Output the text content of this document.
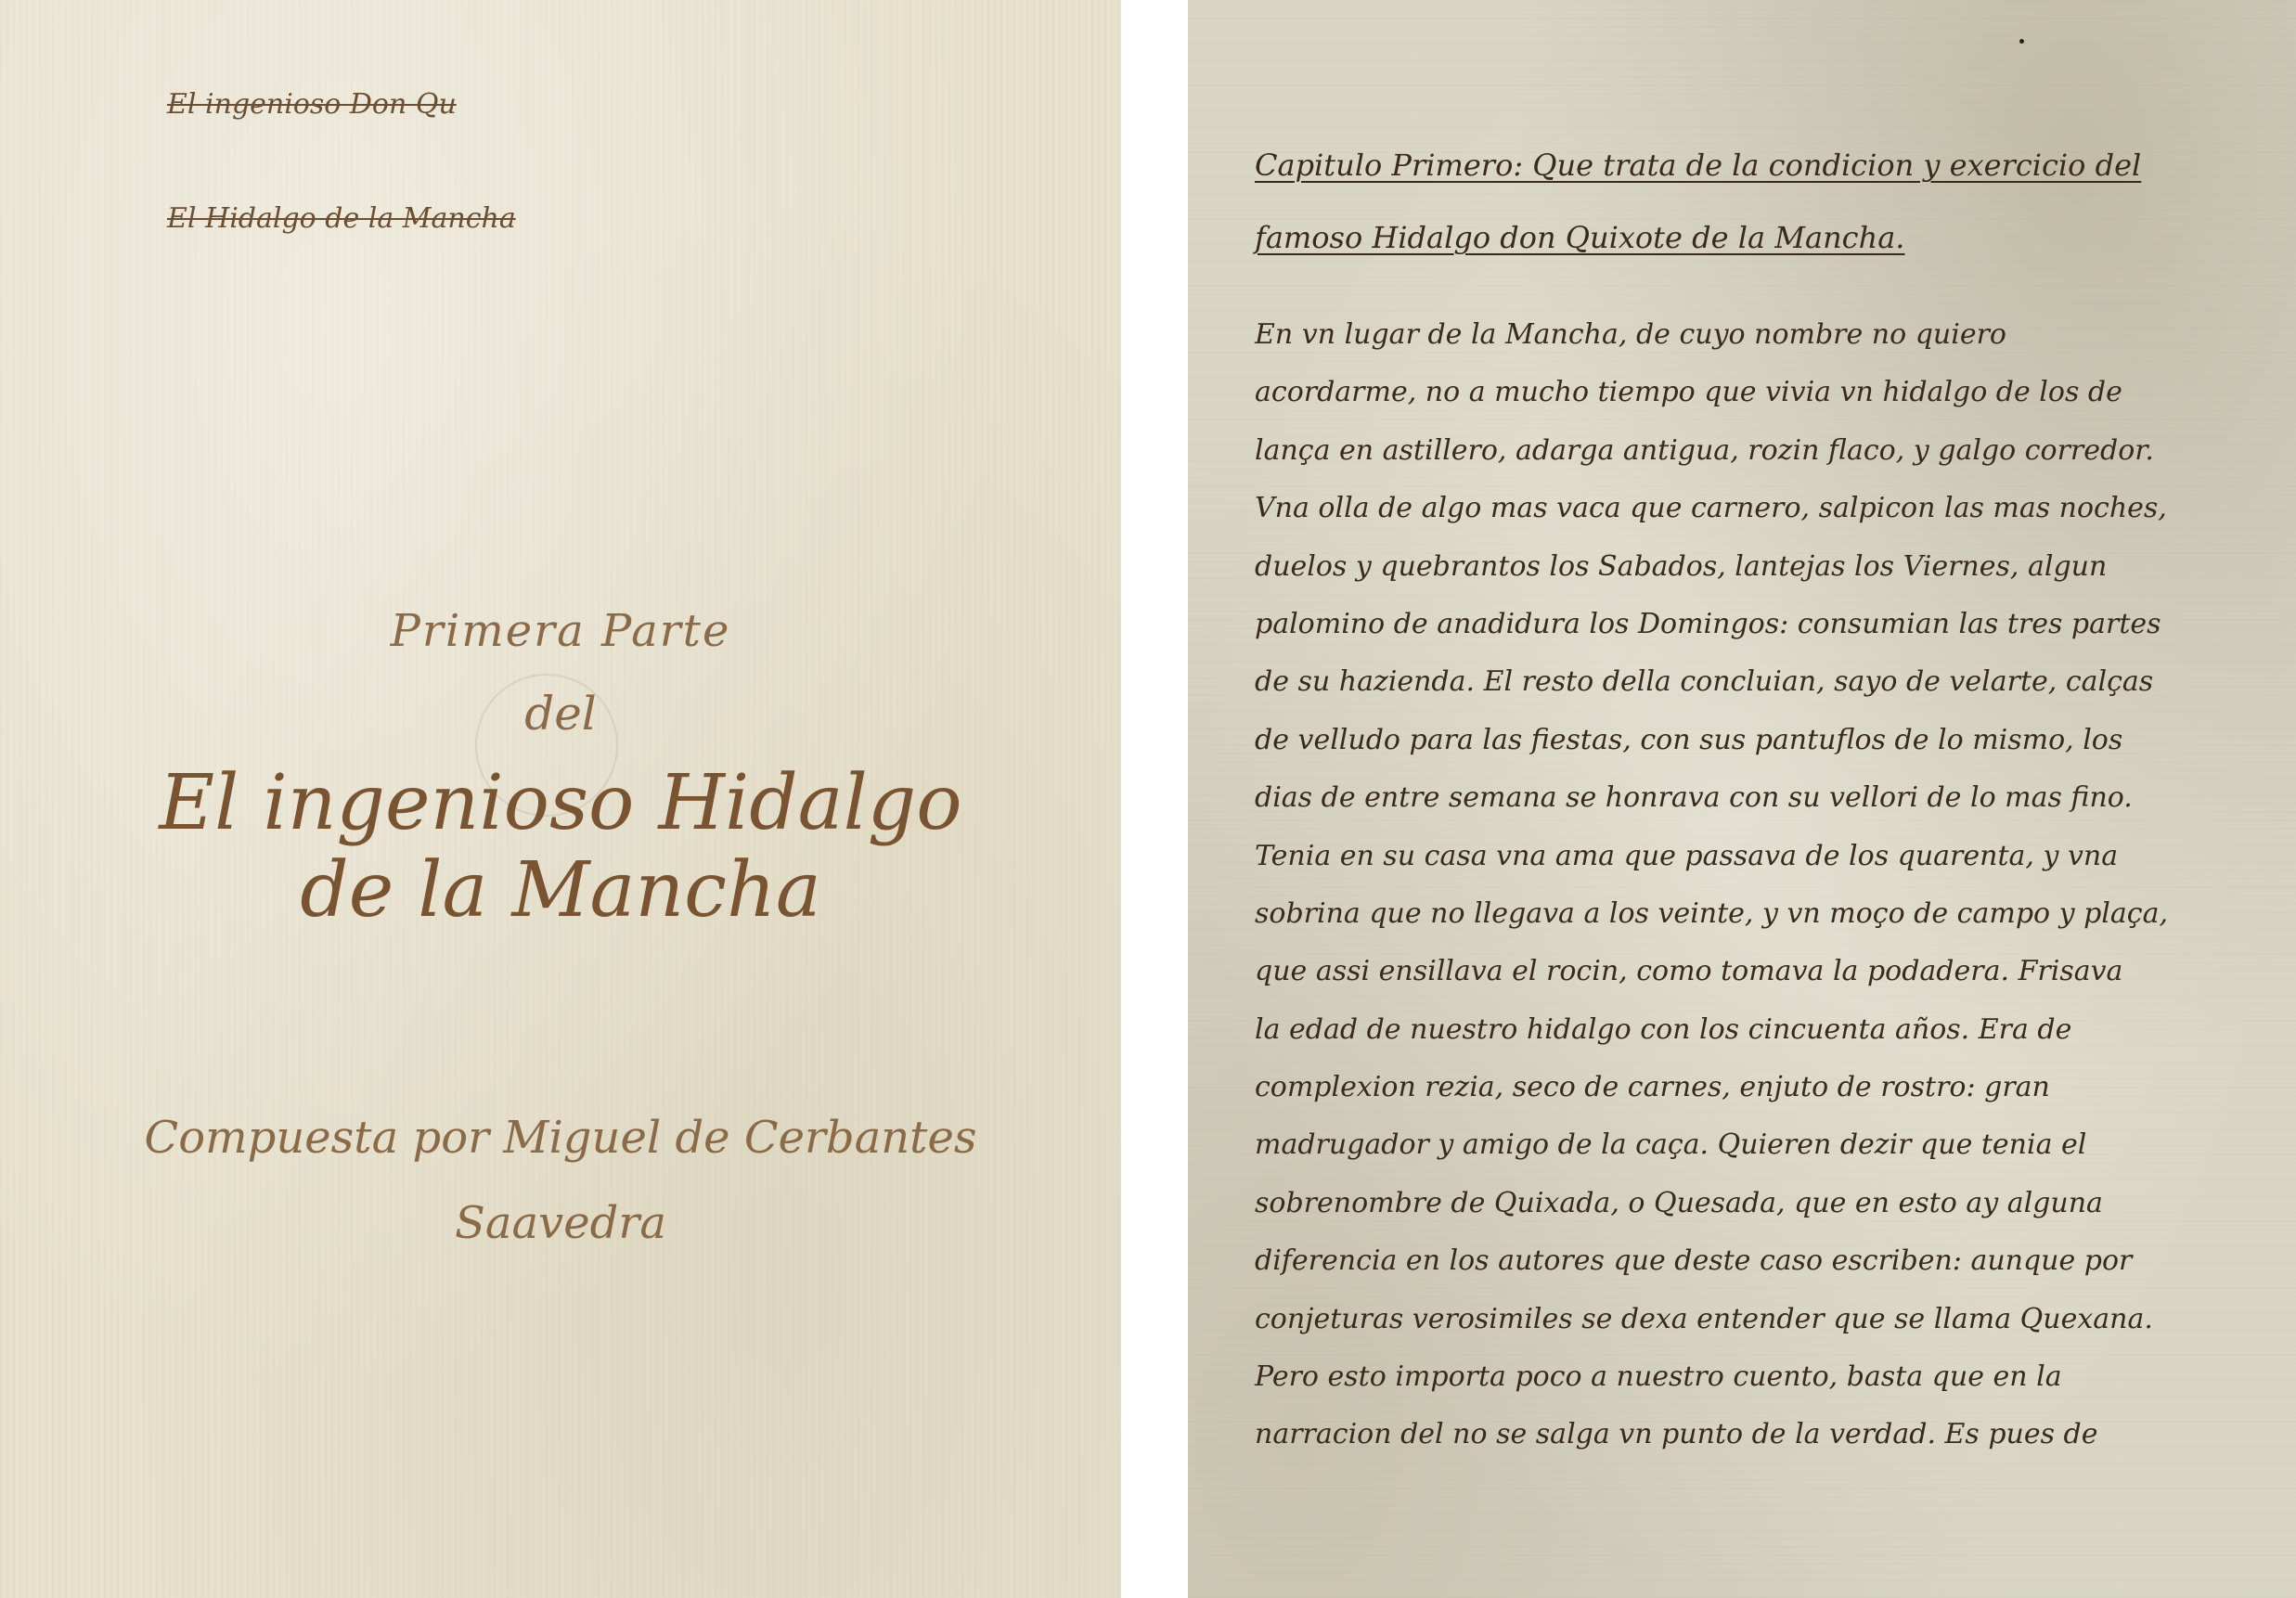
El ingenioso Don Qu
El Hidalgo de la Mancha
Primera Parte
del
El ingenioso Hidalgo
de la Mancha
Compuesta por Miguel de Cerbantes
Saavedra
Capitulo Primero: Que trata de la condicion y exercicio del
famoso Hidalgo don Quixote de la Mancha.
En vn lugar de la Mancha, de cuyo nombre no quiero
acordarme, no a mucho tiempo que vivia vn hidalgo de los de
lança en astillero, adarga antigua, rozin flaco, y galgo corredor.
Vna olla de algo mas vaca que carnero, salpicon las mas noches,
duelos y quebrantos los Sabados, lantejas los Viernes, algun
palomino de anadidura los Domingos: consumian las tres partes
de su hazienda. El resto della concluian, sayo de velarte, calças
de velludo para las fiestas, con sus pantuflos de lo mismo, los
dias de entre semana se honrava con su vellori de lo mas fino.
Tenia en su casa vna ama que passava de los quarenta, y vna
sobrina que no llegava a los veinte, y vn moço de campo y plaça,
que assi ensillava el rocin, como tomava la podadera. Frisava
la edad de nuestro hidalgo con los cincuenta años. Era de
complexion rezia, seco de carnes, enjuto de rostro: gran
madrugador y amigo de la caça. Quieren dezir que tenia el
sobrenombre de Quixada, o Quesada, que en esto ay alguna
diferencia en los autores que deste caso escriben: aunque por
conjeturas verosimiles se dexa entender que se llama Quexana.
Pero esto importa poco a nuestro cuento, basta que en la
narracion del no se salga vn punto de la verdad. Es pues de
